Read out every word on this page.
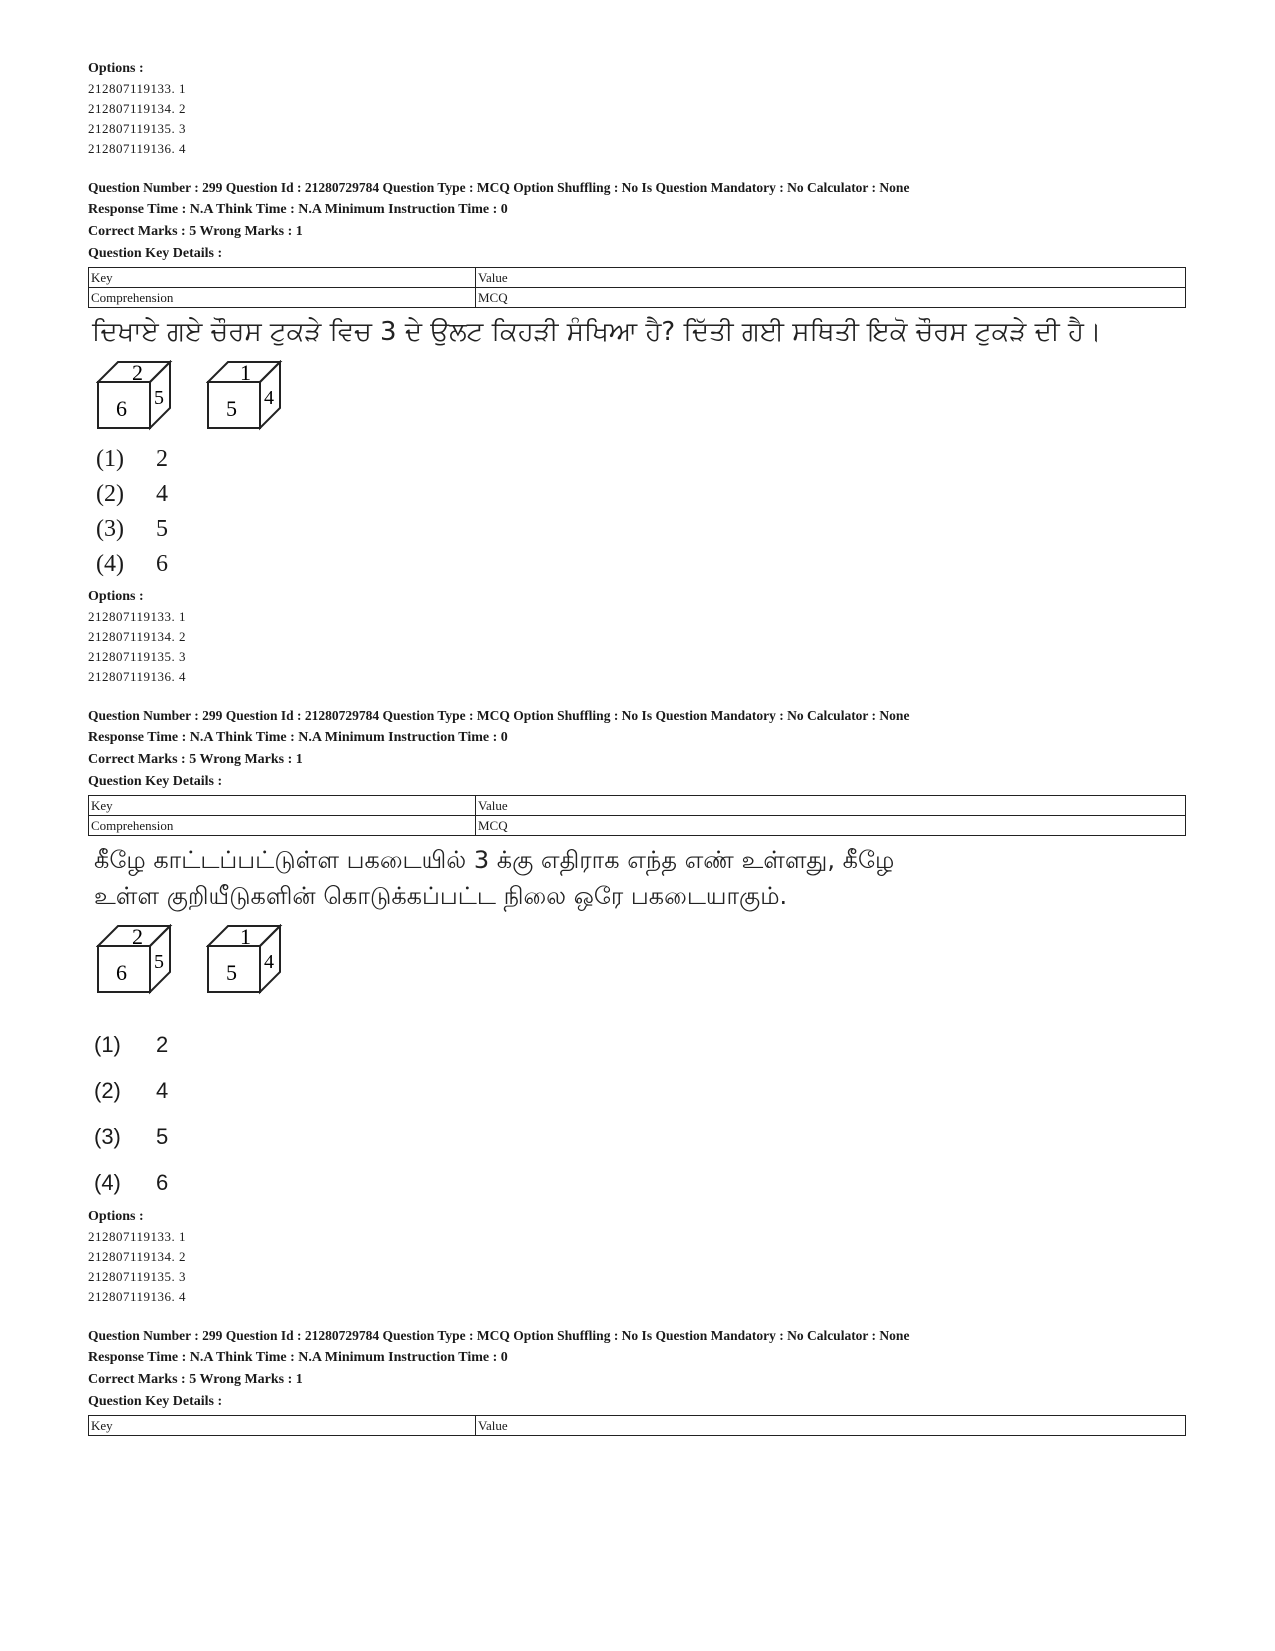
Options :
212807119133. 1
212807119134. 2
212807119135. 3
212807119136. 4
Question Number : 299 Question Id : 21280729784 Question Type : MCQ Option Shuffling : No Is Question Mandatory : No Calculator : None
Response Time : N.A Think Time : N.A Minimum Instruction Time : 0
Correct Marks : 5 Wrong Marks : 1
Question Key Details :
Key	Value
Comprehension	MCQ
ਦਿਖਾਏ ਗਏ ਚੌਰਸ ਟੁਕੜੇ ਵਿਚ 3 ਦੇ ਉਲਟ ਕਿਹੜੀ ਸੰਖਿਆ ਹੈ? ਦਿੱਤੀ ਗਈ ਸਥਿਤੀ ਇਕੋ ਚੌਰਸ ਟੁਕੜੇ ਦੀ ਹੈ।
2
6 5
1
5 4
(1) 2
(2) 4
(3) 5
(4) 6
Options :
212807119133. 1
212807119134. 2
212807119135. 3
212807119136. 4
Question Number : 299 Question Id : 21280729784 Question Type : MCQ Option Shuffling : No Is Question Mandatory : No Calculator : None
Response Time : N.A Think Time : N.A Minimum Instruction Time : 0
Correct Marks : 5 Wrong Marks : 1
Question Key Details :
Key	Value
Comprehension	MCQ
கீழே காட்டப்பட்டுள்ள பகடையில் 3 க்கு எதிராக எந்த எண் உள்ளது, கீழே
உள்ள குறியீடுகளின் கொடுக்கப்பட்ட நிலை ஒரே பகடையாகும்.
2
6 5
1
5 4
(1) 2
(2) 4
(3) 5
(4) 6
Options :
212807119133. 1
212807119134. 2
212807119135. 3
212807119136. 4
Question Number : 299 Question Id : 21280729784 Question Type : MCQ Option Shuffling : No Is Question Mandatory : No Calculator : None
Response Time : N.A Think Time : N.A Minimum Instruction Time : 0
Correct Marks : 5 Wrong Marks : 1
Question Key Details :
Key	Value
